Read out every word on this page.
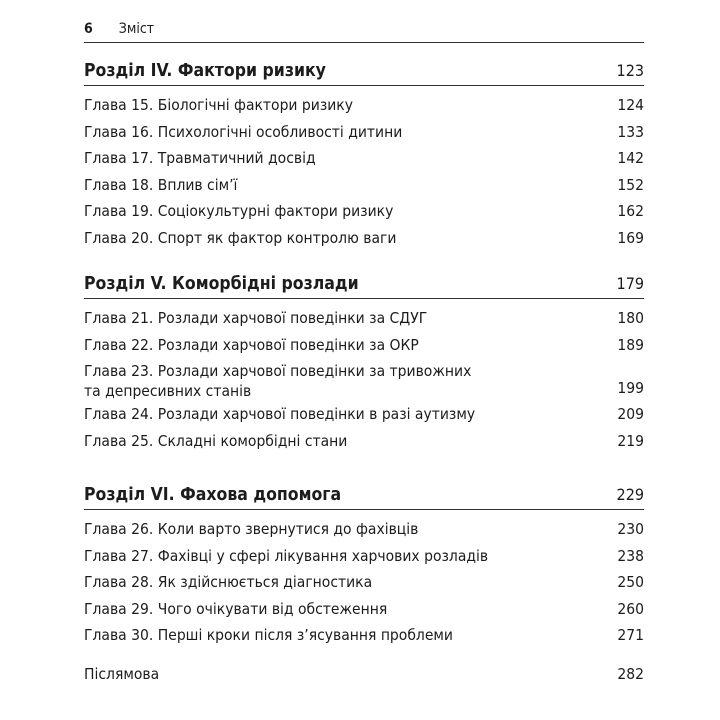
6 Зміст
Розділ IV. Фактори ризику	123
Глава 15. Біологічні фактори ризику	124
Глава 16. Психологічні особливості дитини	133
Глава 17. Травматичний досвід	142
Глава 18. Вплив сім’ї	152
Глава 19. Соціокультурні фактори ризику	162
Глава 20. Спорт як фактор контролю ваги	169
Розділ V. Коморбідні розлади	179
Глава 21. Розлади харчової поведінки за СДУГ	180
Глава 22. Розлади харчової поведінки за ОКР	189
Глава 23. Розлади харчової поведінки за тривожних
та депресивних станів	199
Глава 24. Розлади харчової поведінки в разі аутизму	209
Глава 25. Складні коморбідні стани	219
Розділ VI. Фахова допомога	229
Глава 26. Коли варто звернутися до фахівців	230
Глава 27. Фахівці у сфері лікування харчових розладів	238
Глава 28. Як здійснюється діагностика	250
Глава 29. Чого очікувати від обстеження	260
Глава 30. Перші кроки після з’ясування проблеми	271
Післямова	282
